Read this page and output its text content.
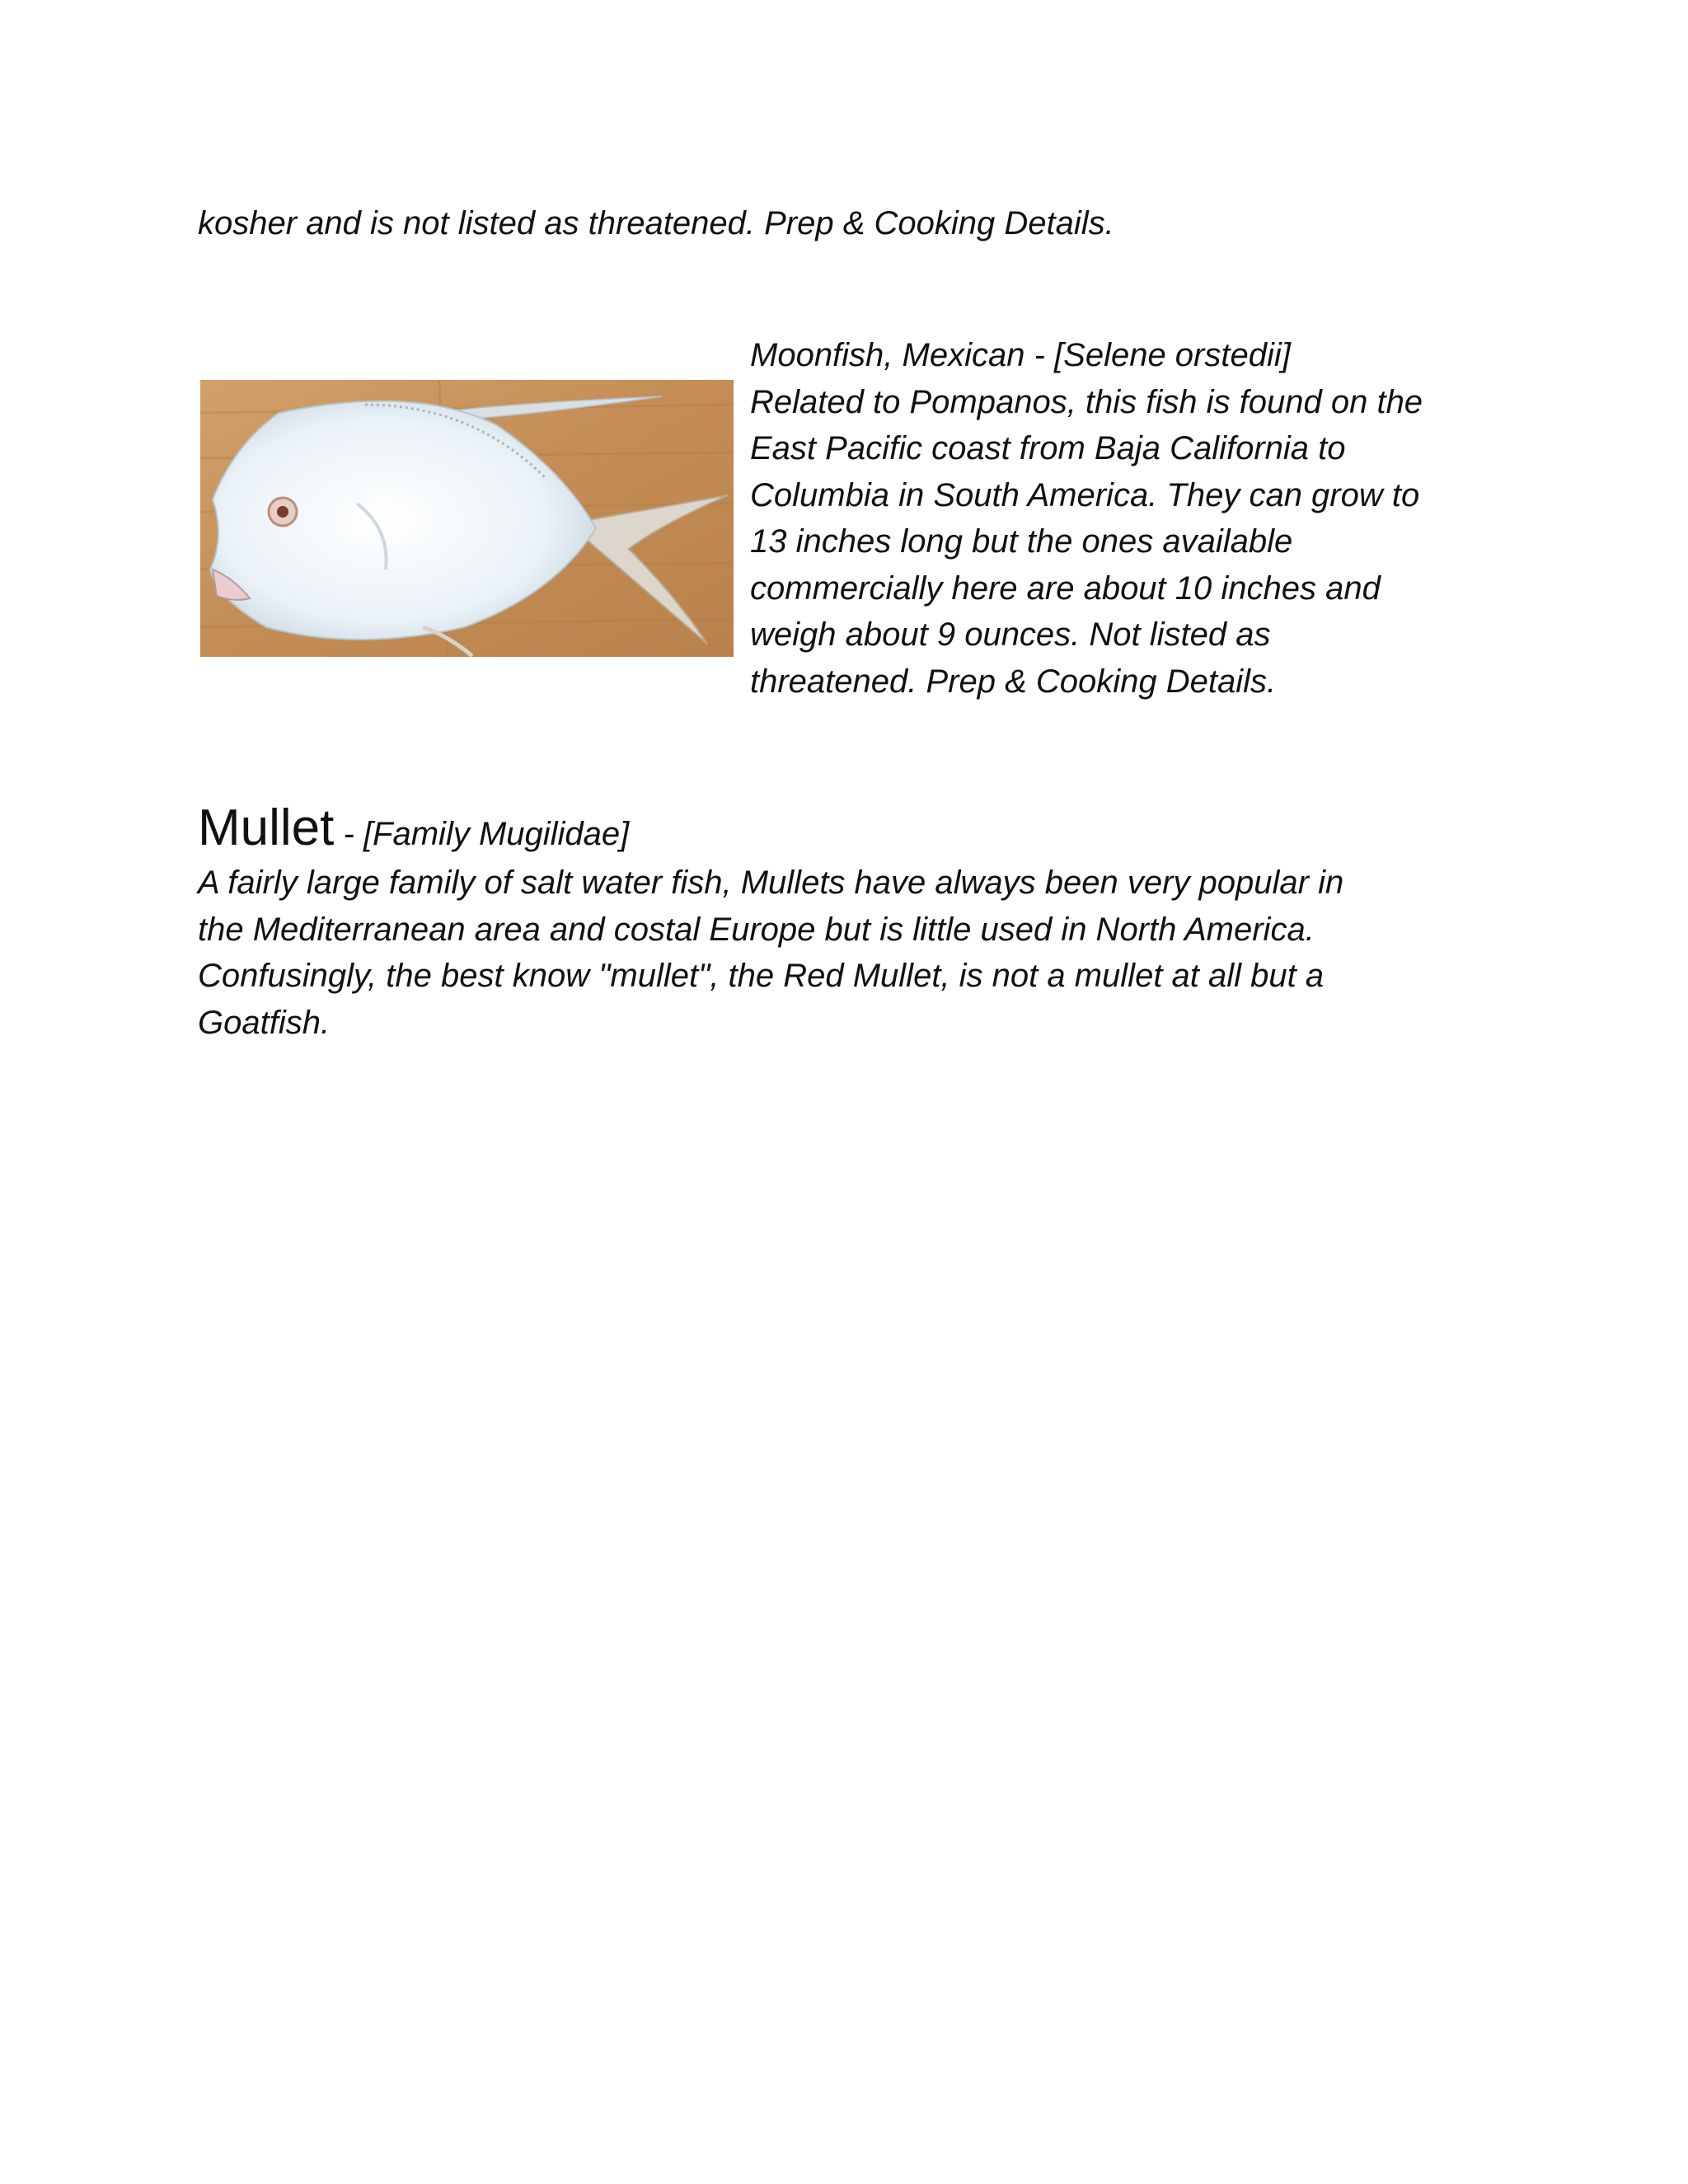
kosher and is not listed as threatened. Prep & Cooking Details.

Moonfish, Mexican - [Selene orstedii]

Related to Pompanos, this fish is found on the

East Pacific coast from Baja California to

Columbia in South America. They can grow to

13 inches long but the ones available

commercially here are about 10 inches and

weigh about 9 ounces. Not listed as

threatened. Prep & Cooking Details.

Mullet - [Family Mugilidae]

A fairly large family of salt water fish, Mullets have always been very popular in

the Mediterranean area and costal Europe but is little used in North America.

Confusingly, the best know "mullet", the Red Mullet, is not a mullet at all but a

Goatfish.
